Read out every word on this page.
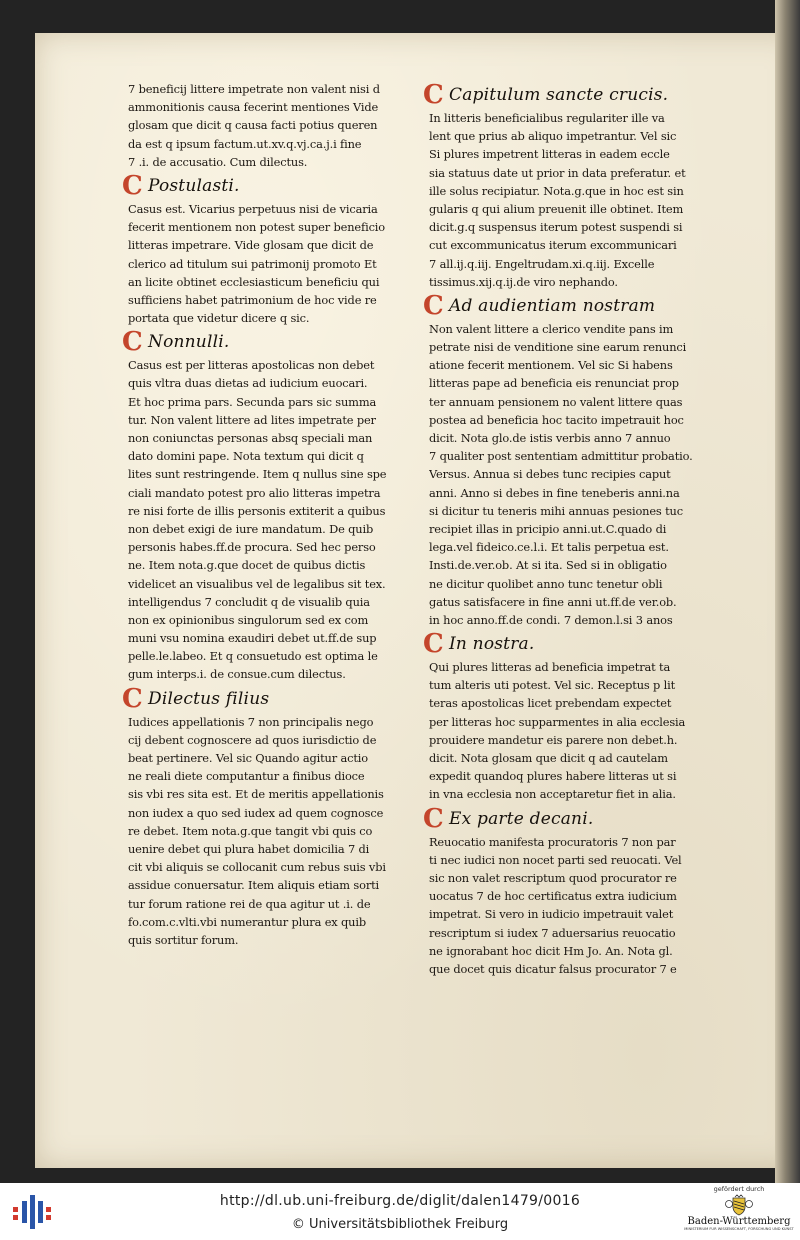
7 beneficij littere impetrate non valent nisi d
ammonitionis causa fecerint mentiones Vide
glosam que dicit q causa facti potius queren
da est q ipsum factum.ut.xv.q.vj.ca.j.i fine
7 .i. de accusatio. Cum dilectus.
C Postulasti.
Casus est. Vicarius perpetuus nisi de vicaria
fecerit mentionem non potest super beneficio
litteras impetrare. Vide glosam que dicit de
clerico ad titulum sui patrimonij promoto Et
an licite obtinet ecclesiasticum beneficiu qui
sufficiens habet patrimonium de hoc vide re
portata que videtur dicere q sic.
C Nonnulli.
Casus est per litteras apostolicas non debet
quis vltra duas dietas ad iudicium euocari.
Et hoc prima pars. Secunda pars sic summa
tur. Non valent littere ad lites impetrate per
non coniunctas personas absq speciali man
dato domini pape. Nota textum qui dicit q
lites sunt restringende. Item q nullus sine spe
ciali mandato potest pro alio litteras impetra
re nisi forte de illis personis extiterit a quibus
non debet exigi de iure mandatum. De quib
personis habes.ff.de procura. Sed hec perso
ne. Item nota.g.que docet de quibus dictis
videlicet an visualibus vel de legalibus sit tex.
intelligendus 7 concludit q de visualib quia
non ex opinionibus singulorum sed ex com
muni vsu nomina exaudiri debet ut.ff.de sup
pelle.le.labeo. Et q consuetudo est optima le
gum interps.i. de consue.cum dilectus.
C Dilectus filius
Iudices appellationis 7 non principalis nego
cij debent cognoscere ad quos iurisdictio de
beat pertinere. Vel sic Quando agitur actio
ne reali diete computantur a finibus dioce
sis vbi res sita est. Et de meritis appellationis
non iudex a quo sed iudex ad quem cognosce
re debet. Item nota.g.que tangit vbi quis co
uenire debet qui plura habet domicilia 7 di
cit vbi aliquis se collocanit cum rebus suis vbi
assidue conuersatur. Item aliquis etiam sorti
tur forum ratione rei de qua agitur ut .i. de
fo.com.c.vlti.vbi numerantur plura ex quib
quis sortitur forum.
C Capitulum sancte crucis.
In litteris beneficialibus regulariter ille va
lent que prius ab aliquo impetrantur. Vel sic
Si plures impetrent litteras in eadem eccle
sia statuus date ut prior in data preferatur. et
ille solus recipiatur. Nota.g.que in hoc est sin
gularis q qui alium preuenit ille obtinet. Item
dicit.g.q suspensus iterum potest suspendi si
cut excommunicatus iterum excommunicari
7 all.ij.q.iij. Engeltrudam.xi.q.iij. Excelle
tissimus.xij.q.ij.de viro nephando.
C Ad audientiam nostram
Non valent littere a clerico vendite pans im
petrate nisi de venditione sine earum renunci
atione fecerit mentionem. Vel sic Si habens
litteras pape ad beneficia eis renunciat prop
ter annuam pensionem no valent littere quas
postea ad beneficia hoc tacito impetrauit hoc
dicit. Nota glo.de istis verbis anno 7 annuo
7 qualiter post sententiam admittitur probatio.
Versus. Annua si debes tunc recipies caput
anni. Anno si debes in fine teneberis anni.na
si dicitur tu teneris mihi annuas pesiones tuc
recipiet illas in pricipio anni.ut.C.quado di
lega.vel fideico.ce.l.i. Et talis perpetua est.
Insti.de.ver.ob. At si ita. Sed si in obligatio
ne dicitur quolibet anno tunc tenetur obli
gatus satisfacere in fine anni ut.ff.de ver.ob.
in hoc anno.ff.de condi. 7 demon.l.si 3 anos
C In nostra.
Qui plures litteras ad beneficia impetrat ta
tum alteris uti potest. Vel sic. Receptus p lit
teras apostolicas licet prebendam expectet
per litteras hoc supparmentes in alia ecclesia
prouidere mandetur eis parere non debet.h.
dicit. Nota glosam que dicit q ad cautelam
expedit quandoq plures habere litteras ut si
in vna ecclesia non acceptaretur fiet in alia.
C Ex parte decani.
Reuocatio manifesta procuratoris 7 non par
ti nec iudici non nocet parti sed reuocati. Vel
sic non valet rescriptum quod procurator re
uocatus 7 de hoc certificatus extra iudicium
impetrat. Si vero in iudicio impetrauit valet
rescriptum si iudex 7 aduersarius reuocatio
ne ignorabant hoc dicit Hm Jo. An. Nota gl.
que docet quis dicatur falsus procurator 7 e
http://dl.ub.uni-freiburg.de/diglit/dalen1479/0016
© Universitätsbibliothek Freiburg
gefördert durch
Baden-Württemberg
MINISTERIUM FÜR WISSENSCHAFT, FORSCHUNG UND KUNST
